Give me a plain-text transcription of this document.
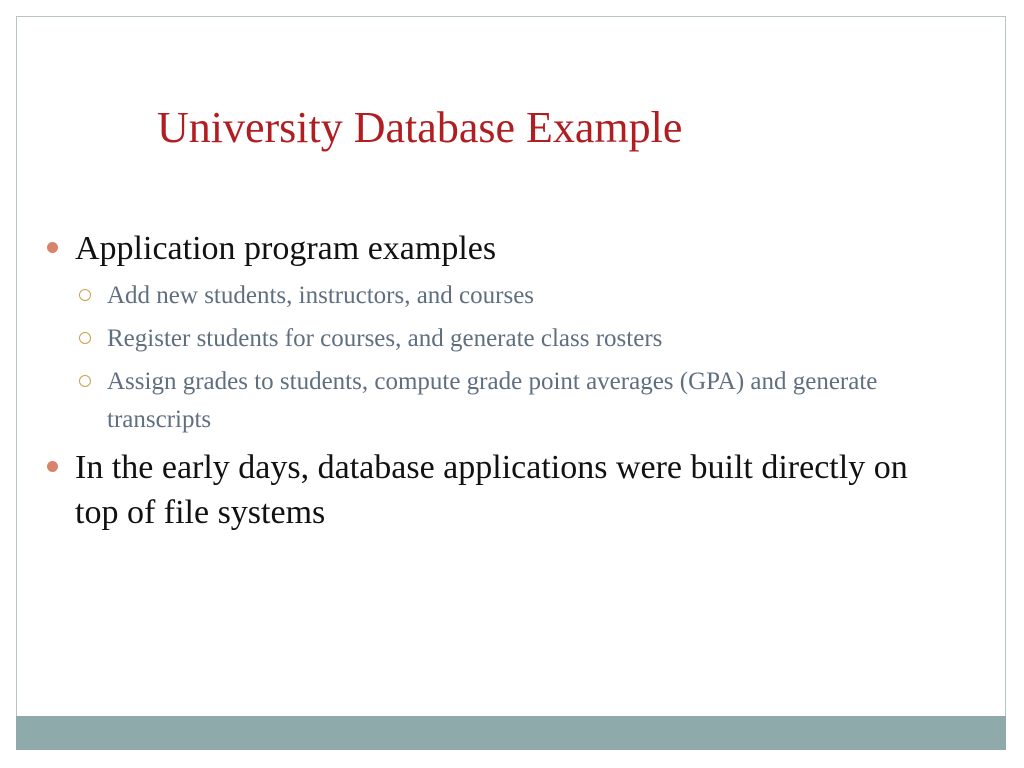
University Database Example
Application program examples
Add new students, instructors, and courses
Register students for courses, and generate class rosters
Assign grades to students, compute grade point averages (GPA) and generate transcripts
In the early days, database applications were built directly on top of file systems
